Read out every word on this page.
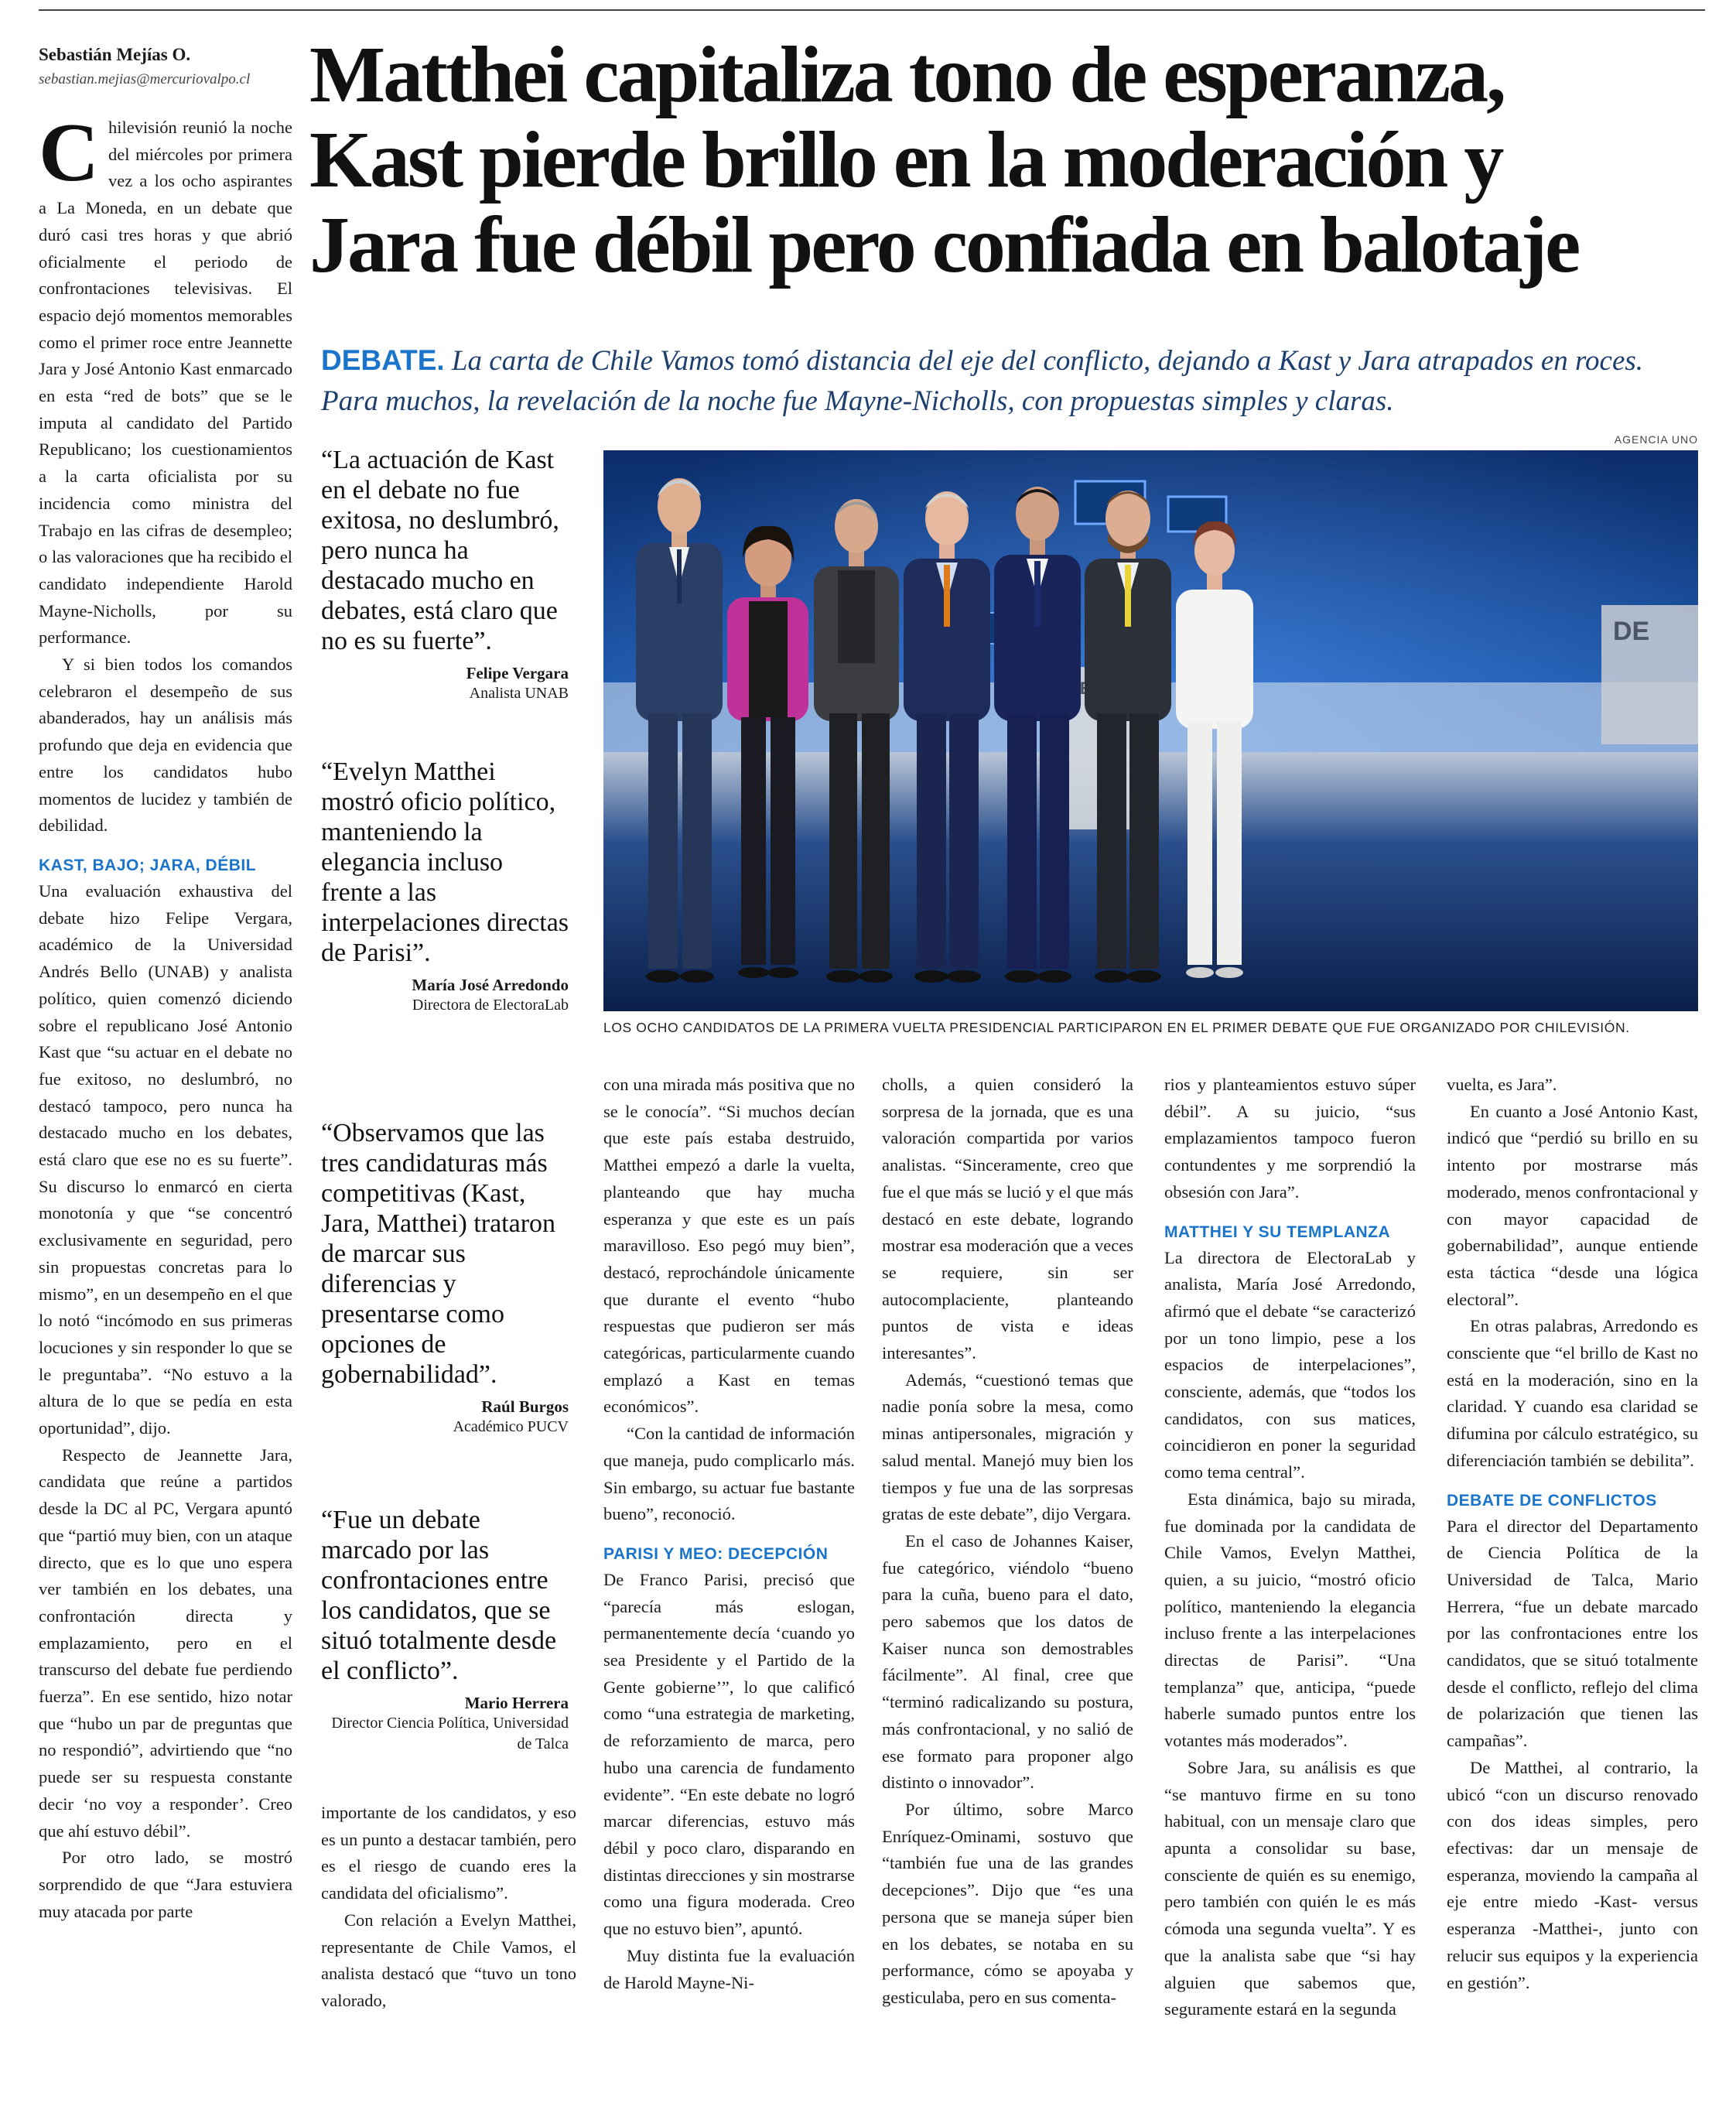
Sebastián Mejías O.
sebastian.mejias@mercuriovalpo.cl Matthei capitaliza tono de esperanza,
Kast pierde brillo en la moderación y
Jara fue débil pero confiada en balotaje

DEBATE. La carta de Chile Vamos tomó distancia del eje del conflicto, dejando a Kast y Jara atrapados en roces. Para muchos, la revelación de la noche fue Mayne-Nicholls, con propuestas simples y claras.

Chilevisión reunió la noche del miércoles por primera vez a los ocho aspirantes a La Moneda, en un debate que duró casi tres horas y que abrió oficialmente el periodo de confrontaciones televisivas. El espacio dejó momentos memorables como el primer roce entre Jeannette Jara y José Antonio Kast enmarcado en esta “red de bots” que se le imputa al candidato del Partido Republicano; los cuestionamientos a la carta oficialista por su incidencia como ministra del Trabajo en las cifras de desempleo; o las valoraciones que ha recibido el candidato independiente Harold Mayne-Nicholls, por su performance.

Y si bien todos los comandos celebraron el desempeño de sus abanderados, hay un análisis más profundo que deja en evidencia que entre los candidatos hubo momentos de lucidez y también de debilidad.

KAST, BAJO; JARA, DÉBIL

Una evaluación exhaustiva del debate hizo Felipe Vergara, académico de la Universidad Andrés Bello (UNAB) y analista político, quien comenzó diciendo sobre el republicano José Antonio Kast que “su actuar en el debate no fue exitoso, no deslumbró, no destacó tampoco, pero nunca ha destacado mucho en los debates, está claro que ese no es su fuerte”. Su discurso lo enmarcó en cierta monotonía y que “se concentró exclusivamente en seguridad, pero sin propuestas concretas para lo mismo”, en un desempeño en el que lo notó “incómodo en sus primeras locuciones y sin responder lo que se le preguntaba”. “No estuvo a la altura de lo que se pedía en esta oportunidad”, dijo.

Respecto de Jeannette Jara, candidata que reúne a partidos desde la DC al PC, Vergara apuntó que “partió muy bien, con un ataque directo, que es lo que uno espera ver también en los debates, una confrontación directa y emplazamiento, pero en el transcurso del debate fue perdiendo fuerza”. En ese sentido, hizo notar que “hubo un par de preguntas que no respondió”, advirtiendo que “no puede ser su respuesta constante decir ‘no voy a responder’. Creo que ahí estuvo débil”.

Por otro lado, se mostró sorprendido de que “Jara estuviera muy atacada por parte

“La actuación de Kast en el debate no fue exitosa, no deslumbró, pero nunca ha destacado mucho en debates, está claro que no es su fuerte”.

Felipe Vergara
Analista UNAB

“Evelyn Matthei mostró oficio político, manteniendo la elegancia incluso frente a las interpelaciones directas de Parisi”.

María José Arredondo
Directora de ElectoraLab

“Observamos que las tres candidaturas más competitivas (Kast, Jara, Matthei) trataron de marcar sus diferencias y presentarse como opciones de gobernabilidad”.

Raúl Burgos
Académico PUCV

“Fue un debate marcado por las confrontaciones entre los candidatos, que se situó totalmente desde el conflicto”.

Mario Herrera
Director Ciencia Política, Universidad de Talca
AGENCIA UNO
DE
LOS OCHO CANDIDATOS DE LA PRIMERA VUELTA PRESIDENCIAL PARTICIPARON EN EL PRIMER DEBATE QUE FUE ORGANIZADO POR CHILEVISIÓN.

importante de los candidatos, y eso es un punto a destacar también, pero es el riesgo de cuando eres la candidata del oficialismo”.

Con relación a Evelyn Matthei, representante de Chile Vamos, el analista destacó que “tuvo un tono valorado,

con una mirada más positiva que no se le conocía”. “Si muchos decían que este país estaba destruido, Matthei empezó a darle la vuelta, planteando que hay mucha esperanza y que este es un país maravilloso. Eso pegó muy bien”, destacó, reprochándole únicamente que durante el evento “hubo respuestas que pudieron ser más categóricas, particularmente cuando emplazó a Kast en temas económicos”.

“Con la cantidad de información que maneja, pudo complicarlo más. Sin embargo, su actuar fue bastante bueno”, reconoció.

PARISI Y MEO: DECEPCIÓN

De Franco Parisi, precisó que “parecía más eslogan, permanentemente decía ‘cuando yo sea Presidente y el Partido de la Gente gobierne’”, lo que calificó como “una estrategia de marketing, de reforzamiento de marca, pero hubo una carencia de fundamento evidente”. “En este debate no logró marcar diferencias, estuvo más débil y poco claro, disparando en distintas direcciones y sin mostrarse como una figura moderada. Creo que no estuvo bien”, apuntó.

Muy distinta fue la evaluación de Harold Mayne-Ni-

cholls, a quien consideró la sorpresa de la jornada, que es una valoración compartida por varios analistas. “Sinceramente, creo que fue el que más se lució y el que más destacó en este debate, logrando mostrar esa moderación que a veces se requiere, sin ser autocomplaciente, planteando puntos de vista e ideas interesantes”.

Además, “cuestionó temas que nadie ponía sobre la mesa, como minas antipersonales, migración y salud mental. Manejó muy bien los tiempos y fue una de las sorpresas gratas de este debate”, dijo Vergara.

En el caso de Johannes Kaiser, fue categórico, viéndolo “bueno para la cuña, bueno para el dato, pero sabemos que los datos de Kaiser nunca son demostrables fácilmente”. Al final, cree que “terminó radicalizando su postura, más confrontacional, y no salió de ese formato para proponer algo distinto o innovador”.

Por último, sobre Marco Enríquez-Ominami, sostuvo que “también fue una de las grandes decepciones”. Dijo que “es una persona que se maneja súper bien en los debates, se notaba en su performance, cómo se apoyaba y gesticulaba, pero en sus comenta-

rios y planteamientos estuvo súper débil”. A su juicio, “sus emplazamientos tampoco fueron contundentes y me sorprendió la obsesión con Jara”.

MATTHEI Y SU TEMPLANZA

La directora de ElectoraLab y analista, María José Arredondo, afirmó que el debate “se caracterizó por un tono limpio, pese a los espacios de interpelaciones”, consciente, además, que “todos los candidatos, con sus matices, coincidieron en poner la seguridad como tema central”.

Esta dinámica, bajo su mirada, fue dominada por la candidata de Chile Vamos, Evelyn Matthei, quien, a su juicio, “mostró oficio político, manteniendo la elegancia incluso frente a las interpelaciones directas de Parisi”. “Una templanza” que, anticipa, “puede haberle sumado puntos entre los votantes más moderados”.

Sobre Jara, su análisis es que “se mantuvo firme en su tono habitual, con un mensaje claro que apunta a consolidar su base, consciente de quién es su enemigo, pero también con quién le es más cómoda una segunda vuelta”. Y es que la analista sabe que “si hay alguien que sabemos que, seguramente estará en la segunda

vuelta, es Jara”.

En cuanto a José Antonio Kast, indicó que “perdió su brillo en su intento por mostrarse más moderado, menos confrontacional y con mayor capacidad de gobernabilidad”, aunque entiende esta táctica “desde una lógica electoral”.

En otras palabras, Arredondo es consciente que “el brillo de Kast no está en la moderación, sino en la claridad. Y cuando esa claridad se difumina por cálculo estratégico, su diferenciación también se debilita”.

DEBATE DE CONFLICTOS

Para el director del Departamento de Ciencia Política de la Universidad de Talca, Mario Herrera, “fue un debate marcado por las confrontaciones entre los candidatos, que se situó totalmente desde el conflicto, reflejo del clima de polarización que tienen las campañas”.

De Matthei, al contrario, la ubicó “con un discurso renovado con dos ideas simples, pero efectivas: dar un mensaje de esperanza, moviendo la campaña al eje entre miedo -Kast- versus esperanza -Matthei-, junto con relucir sus equipos y la experiencia en gestión”.
